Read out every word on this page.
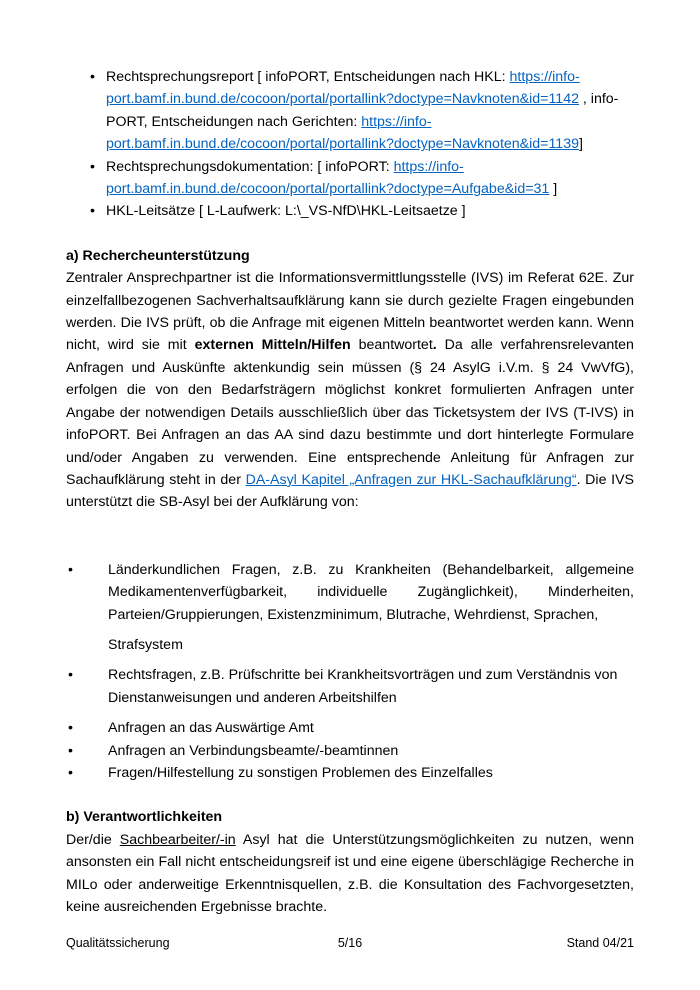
• Rechtsprechungsreport [ infoPORT, Entscheidungen nach HKL: https://info-port.bamf.in.bund.de/cocoon/portal/portallink?doctype=Navknoten&id=1142 , info-PORT, Entscheidungen nach Gerichten: https://info-port.bamf.in.bund.de/cocoon/portal/portallink?doctype=Navknoten&id=1139]
• Rechtsprechungsdokumentation: [ infoPORT: https://info-port.bamf.in.bund.de/cocoon/portal/portallink?doctype=Aufgabe&id=31 ]
• HKL-Leitsätze [ L-Laufwerk: L:\_VS-NfD\HKL-Leitsaetze ]
a) Rechercheunterstützung
Zentraler Ansprechpartner ist die Informationsvermittlungsstelle (IVS) im Referat 62E. Zur einzelfallbezogenen Sachverhaltsaufklärung kann sie durch gezielte Fragen eingebunden werden. Die IVS prüft, ob die Anfrage mit eigenen Mitteln beantwortet werden kann. Wenn nicht, wird sie mit externen Mitteln/Hilfen beantwortet. Da alle verfahrensrelevanten Anfragen und Auskünfte aktenkundig sein müssen (§ 24 AsylG i.V.m. § 24 VwVfG), erfolgen die von den Bedarfsträgern möglichst konkret formulierten Anfragen unter Angabe der notwendigen Details ausschließlich über das Ticketsystem der IVS (T-IVS) in infoPORT. Bei Anfragen an das AA sind dazu bestimmte und dort hinterlegte Formulare und/oder Angaben zu verwenden. Eine entsprechende Anleitung für Anfragen zur Sachaufklärung steht in der DA-Asyl Kapitel „Anfragen zur HKL-Sachaufklärung“. Die IVS unterstützt die SB-Asyl bei der Aufklärung von:
• Länderkundlichen Fragen, z.B. zu Krankheiten (Behandelbarkeit, allgemeine Medikamentenverfügbarkeit, individuelle Zugänglichkeit), Minderheiten, Parteien/Gruppierungen, Existenzminimum, Blutrache, Wehrdienst, Sprachen,
Strafsystem
• Rechtsfragen, z.B. Prüfschritte bei Krankheitsvorträgen und zum Verständnis von Dienstanweisungen und anderen Arbeitshilfen
• Anfragen an das Auswärtige Amt
• Anfragen an Verbindungsbeamte/-beamtinnen
• Fragen/Hilfestellung zu sonstigen Problemen des Einzelfalles
b) Verantwortlichkeiten
Der/die Sachbearbeiter/-in Asyl hat die Unterstützungsmöglichkeiten zu nutzen, wenn ansonsten ein Fall nicht entscheidungsreif ist und eine eigene überschlägige Recherche in MILo oder anderweitige Erkenntnisquellen, z.B. die Konsultation des Fachvorgesetzten, keine ausreichenden Ergebnisse brachte.
Qualitätssicherung	5/16	Stand 04/21
